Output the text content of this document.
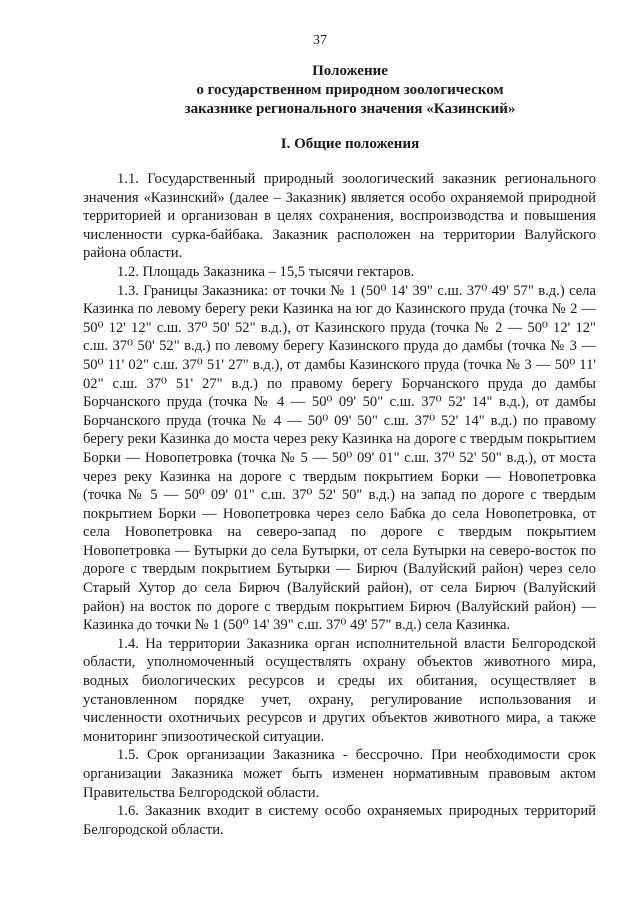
37
Положение
о государственном природном зоологическом
заказнике регионального значения «Казинский»
I. Общие положения

1.1. Государственный природный зоологический заказник регионального значения «Казинский» (далее – Заказник) является особо охраняемой природной территорией и организован в целях сохранения, воспроизводства и повышения численности сурка-байбака. Заказник расположен на территории Валуйского района области.

1.2. Площадь Заказника – 15,5 тысячи гектаров.

1.3. Границы Заказника: от точки № 1 (50⁰ 14' 39" с.ш. 37⁰ 49' 57" в.д.) села Казинка по левому берегу реки Казинка на юг до Казинского пруда (точка № 2 — 50⁰ 12' 12" с.ш. 37⁰ 50' 52" в.д.), от Казинского пруда (точка № 2 — 50⁰ 12' 12" с.ш. 37⁰ 50' 52" в.д.) по левому берегу Казинского пруда до дамбы (точка № 3 — 50⁰ 11' 02" с.ш. 37⁰ 51' 27" в.д.), от дамбы Казинского пруда (точка № 3 — 50⁰ 11' 02" с.ш. 37⁰ 51' 27" в.д.) по правому берегу Борчанского пруда до дамбы Борчанского пруда (точка № 4 — 50⁰ 09' 50" с.ш. 37⁰ 52' 14" в.д.), от дамбы Борчанского пруда (точка № 4 — 50⁰ 09' 50" с.ш. 37⁰ 52' 14" в.д.) по правому берегу реки Казинка до моста через реку Казинка на дороге с твердым покрытием Борки — Новопетровка (точка № 5 — 50⁰ 09' 01" с.ш. 37⁰ 52' 50" в.д.), от моста через реку Казинка на дороге с твердым покрытием Борки — Новопетровка (точка № 5 — 50⁰ 09' 01" с.ш. 37⁰ 52' 50" в.д.) на запад по дороге с твердым покрытием Борки — Новопетровка через село Бабка до села Новопетровка, от села Новопетровка на северо-запад по дороге с твердым покрытием Новопетровка — Бутырки до села Бутырки, от села Бутырки на северо-восток по дороге с твердым покрытием Бутырки — Бирюч (Валуйский район) через село Старый Хутор до села Бирюч (Валуйский район), от села Бирюч (Валуйский район) на восток по дороге с твердым покрытием Бирюч (Валуйский район) — Казинка до точки № 1 (50⁰ 14' 39" с.ш. 37⁰ 49' 57" в.д.) села Казинка.

1.4. На территории Заказника орган исполнительной власти Белгородской области, уполномоченный осуществлять охрану объектов животного мира, водных биологических ресурсов и среды их обитания, осуществляет в установленном порядке учет, охрану, регулирование использования и численности охотничьих ресурсов и других объектов животного мира, а также мониторинг эпизоотической ситуации.

1.5. Срок организации Заказника - бессрочно. При необходимости срок организации Заказника может быть изменен нормативным правовым актом Правительства Белгородской области.

1.6. Заказник входит в систему особо охраняемых природных территорий Белгородской области.
